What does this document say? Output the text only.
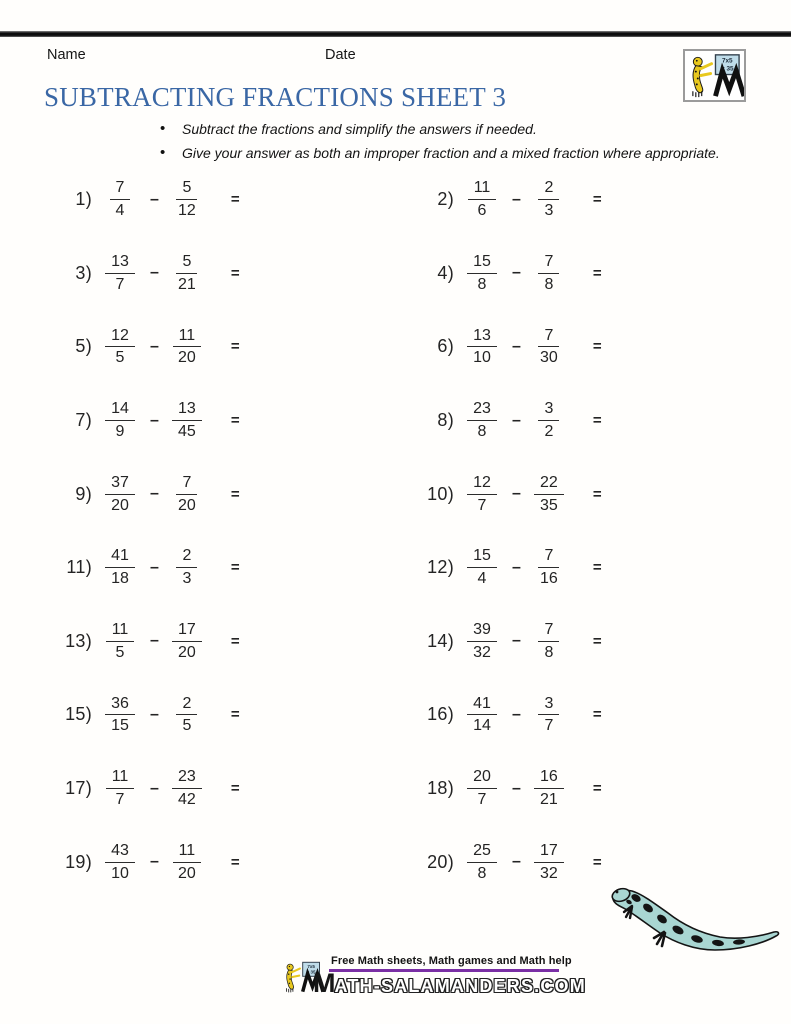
Name	Date	7x5
= 35
SUBTRACTING FRACTIONS SHEET 3
• Subtract the fractions and simplify the answers if needed.
• Give your answer as both an improper fraction and a mixed fraction where appropriate.
$1) \frac{7}{4} - \frac{5}{12}$ =
$3) \frac{13}{7} - \frac{5}{21}$ =
$5) \frac{12}{5} - \frac{11}{20}$ =
$7) \frac{14}{9} - \frac{13}{45}$ =
$9) \frac{37}{20} - \frac{7}{20}$ =
$11) \frac{41}{18} - \frac{2}{3}$ =
$13) \frac{11}{5} - \frac{17}{20}$ =
$15) \frac{36}{15} - \frac{2}{5}$ =
$17) \frac{11}{7} - \frac{23}{42}$ =
$19) \frac{43}{10} - \frac{11}{20}$ =
$2) \frac{11}{6} - \frac{2}{3}$ =
$4) \frac{15}{8} - \frac{7}{8}$ =
$6) \frac{13}{10} - \frac{7}{30}$ =
$8) \frac{23}{8} - \frac{3}{2}$ =
$10) \frac{12}{7} - \frac{22}{35}$ =
$12) \frac{15}{4} - \frac{7}{16}$ =
$14) \frac{39}{32} - \frac{7}{8}$ =
$16) \frac{41}{14} - \frac{3}{7}$ =
$18) \frac{20}{7} - \frac{16}{21}$ =
$20) \frac{25}{8} - \frac{17}{32}$ =
7x5
= 35
Free Math sheets, Math games and Math help
M ATH-SALAMANDERS.COM
